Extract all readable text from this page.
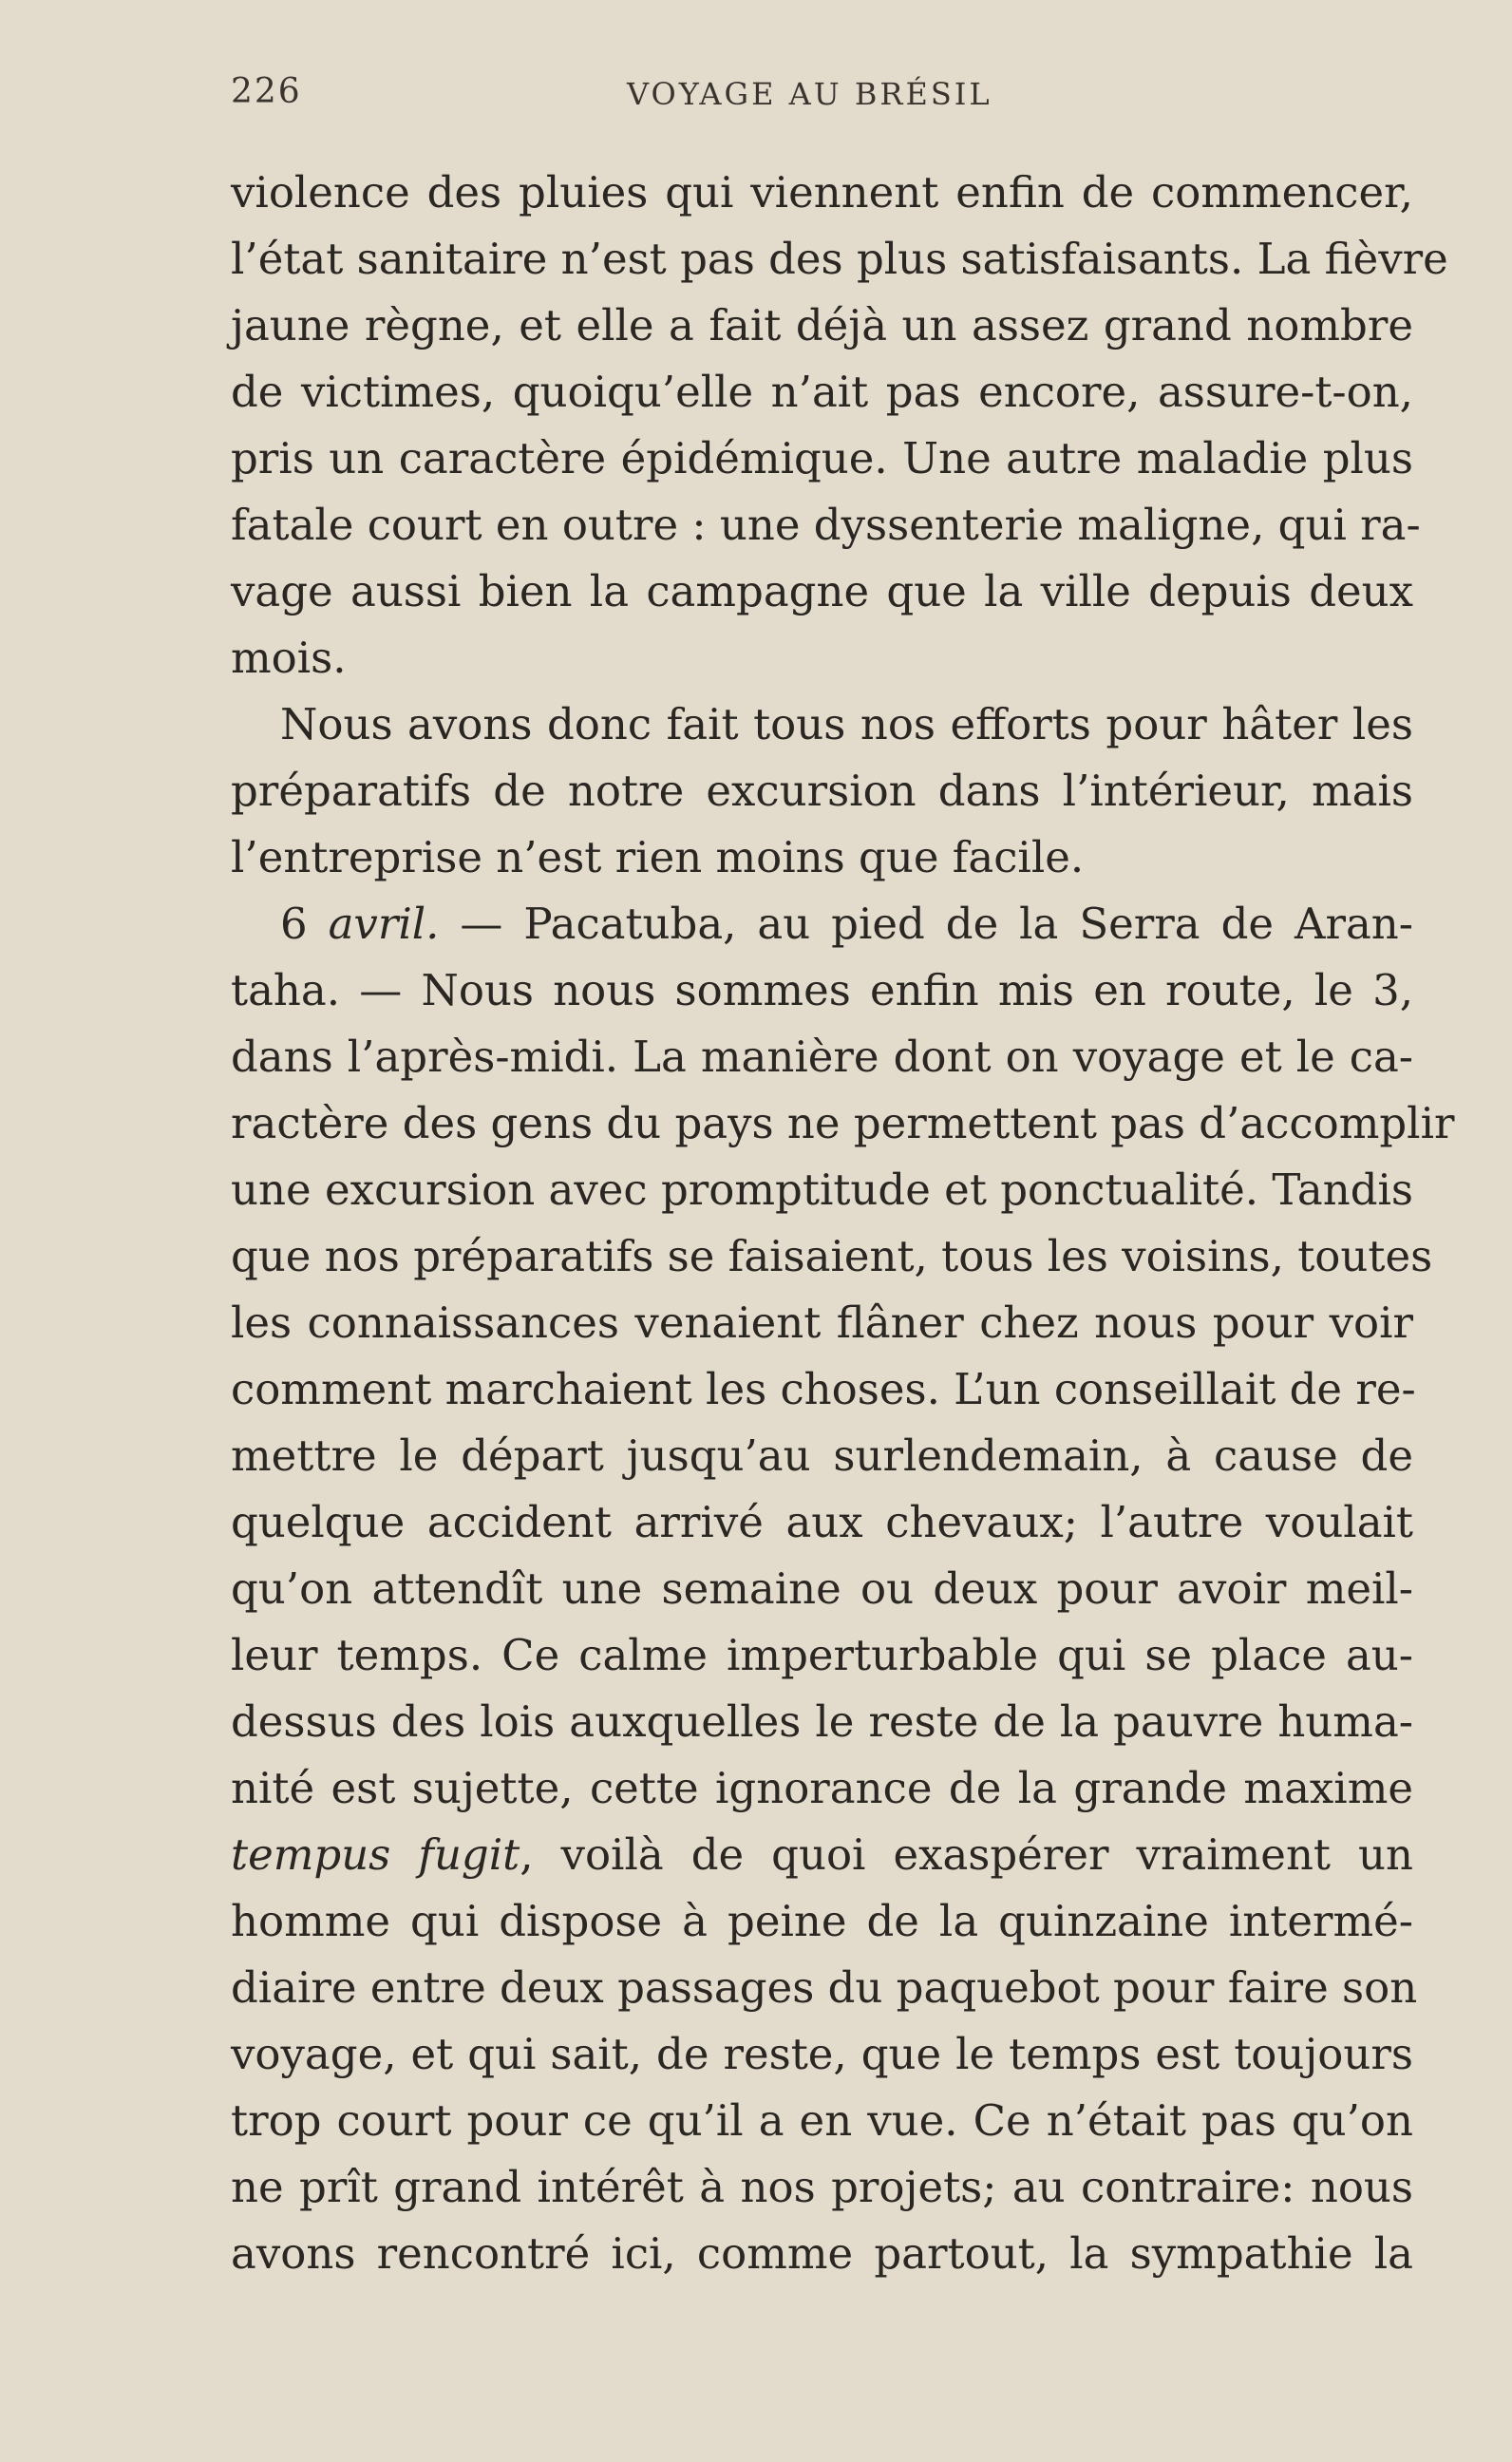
226	VOYAGE AU BRÉSIL
violence des pluies qui viennent enfin de commencer,
l’état sanitaire n’est pas des plus satisfaisants. La fièvre
jaune règne, et elle a fait déjà un assez grand nombre
de victimes, quoiqu’elle n’ait pas encore, assure-t-on,
pris un caractère épidémique. Une autre maladie plus
fatale court en outre : une dyssenterie maligne, qui ra-
vage aussi bien la campagne que la ville depuis deux
mois.
Nous avons donc fait tous nos efforts pour hâter les
préparatifs de notre excursion dans l’intérieur, mais
l’entreprise n’est rien moins que facile.
6 avril. — Pacatuba, au pied de la Serra de Aran-
taha. — Nous nous sommes enfin mis en route, le 3,
dans l’après-midi. La manière dont on voyage et le ca-
ractère des gens du pays ne permettent pas d’accomplir
une excursion avec promptitude et ponctualité. Tandis
que nos préparatifs se faisaient, tous les voisins, toutes
les connaissances venaient flâner chez nous pour voir
comment marchaient les choses. L’un conseillait de re-
mettre le départ jusqu’au surlendemain, à cause de
quelque accident arrivé aux chevaux; l’autre voulait
qu’on attendît une semaine ou deux pour avoir meil-
leur temps. Ce calme imperturbable qui se place au-
dessus des lois auxquelles le reste de la pauvre huma-
nité est sujette, cette ignorance de la grande maxime
tempus fugit, voilà de quoi exaspérer vraiment un
homme qui dispose à peine de la quinzaine intermé-
diaire entre deux passages du paquebot pour faire son
voyage, et qui sait, de reste, que le temps est toujours
trop court pour ce qu’il a en vue. Ce n’était pas qu’on
ne prît grand intérêt à nos projets; au contraire: nous
avons rencontré ici, comme partout, la sympathie la
